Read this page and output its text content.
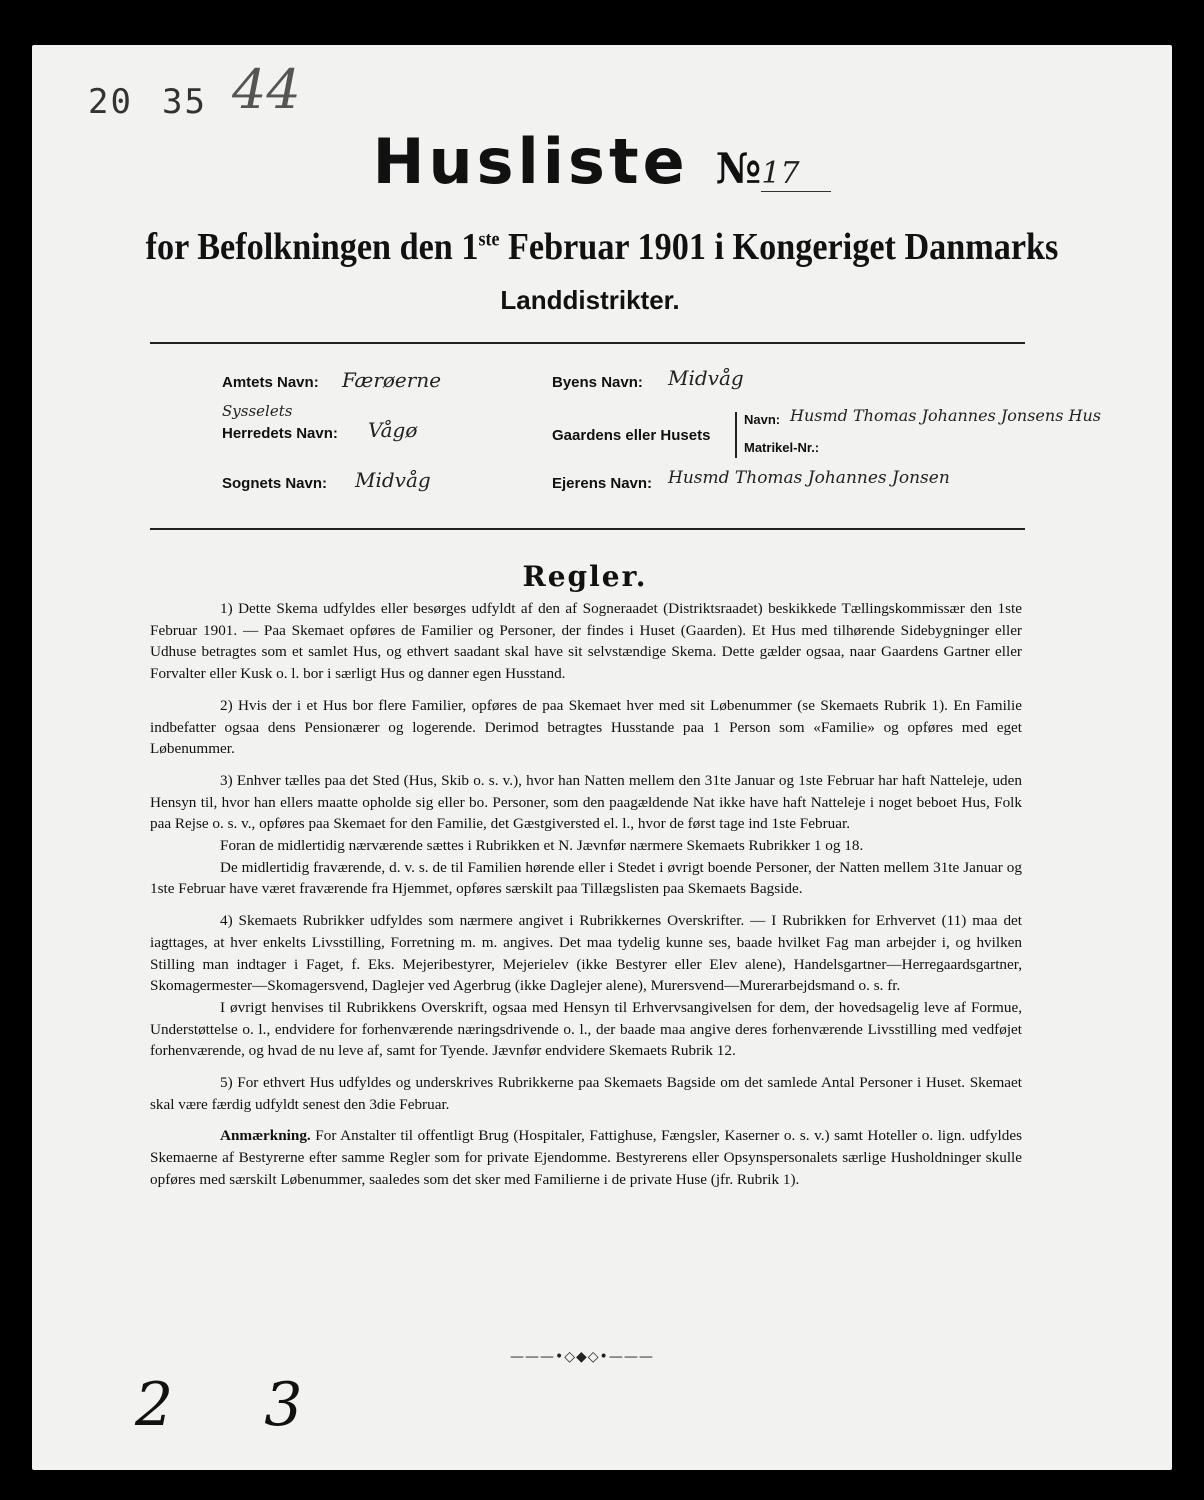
20 35 44
Husliste №17
for Befolkningen den 1ste Februar 1901 i Kongeriget Danmarks
Landdistrikter.
Amtets Navn: Færøerne
Sysselets
Herredets Navn: Vågø
Sognets Navn: Midvåg
Byens Navn: Midvåg
Gaardens eller Husets
Navn: Husmd Thomas Johannes Jonsens Hus
Matrikel-Nr.:
Ejerens Navn: Husmd Thomas Johannes Jonsen
Regler.

1) Dette Skema udfyldes eller besørges udfyldt af den af Sogneraadet (Distriktsraadet) beskikkede Tællingskommissær den 1ste Februar 1901. — Paa Skemaet opføres de Familier og Personer, der findes i Huset (Gaarden). Et Hus med tilhørende Sidebygninger eller Udhuse betragtes som et samlet Hus, og ethvert saadant skal have sit selvstændige Skema. Dette gælder ogsaa, naar Gaardens Gartner eller Forvalter eller Kusk o. l. bor i særligt Hus og danner egen Husstand.

2) Hvis der i et Hus bor flere Familier, opføres de paa Skemaet hver med sit Løbenummer (se Skemaets Rubrik 1). En Familie indbefatter ogsaa dens Pensionærer og logerende. Derimod betragtes Husstande paa 1 Person som «Familie» og opføres med eget Løbenummer.

3) Enhver tælles paa det Sted (Hus, Skib o. s. v.), hvor han Natten mellem den 31te Januar og 1ste Februar har haft Natteleje, uden Hensyn til, hvor han ellers maatte opholde sig eller bo. Personer, som den paagældende Nat ikke have haft Natteleje i noget beboet Hus, Folk paa Rejse o. s. v., opføres paa Skemaet for den Familie, det Gæstgiversted el. l., hvor de først tage ind 1ste Februar.

Foran de midlertidig nærværende sættes i Rubrikken et N. Jævnfør nærmere Skemaets Rubrikker 1 og 18.

De midlertidig fraværende, d. v. s. de til Familien hørende eller i Stedet i øvrigt boende Personer, der Natten mellem 31te Januar og 1ste Februar have været fraværende fra Hjemmet, opføres særskilt paa Tillægslisten paa Skemaets Bagside.

4) Skemaets Rubrikker udfyldes som nærmere angivet i Rubrikkernes Overskrifter. — I Rubrikken for Erhvervet (11) maa det iagttages, at hver enkelts Livsstilling, Forretning m. m. angives. Det maa tydelig kunne ses, baade hvilket Fag man arbejder i, og hvilken Stilling man indtager i Faget, f. Eks. Mejeribestyrer, Mejerielev (ikke Bestyrer eller Elev alene), Handelsgartner—Herregaardsgartner, Skomagermester—Skomagersvend, Daglejer ved Agerbrug (ikke Daglejer alene), Murersvend—Murerarbejdsmand o. s. fr.

I øvrigt henvises til Rubrikkens Overskrift, ogsaa med Hensyn til Erhvervsangivelsen for dem, der hovedsagelig leve af Formue, Understøttelse o. l., endvidere for forhenværende næringsdrivende o. l., der baade maa angive deres forhenværende Livsstilling med vedføjet forhenværende, og hvad de nu leve af, samt for Tyende. Jævnfør endvidere Skemaets Rubrik 12.

5) For ethvert Hus udfyldes og underskrives Rubrikkerne paa Skemaets Bagside om det samlede Antal Personer i Huset. Skemaet skal være færdig udfyldt senest den 3die Februar.

Anmærkning. For Anstalter til offentligt Brug (Hospitaler, Fattighuse, Fængsler, Kaserner o. s. v.) samt Hoteller o. lign. udfyldes Skemaerne af Bestyrerne efter samme Regler som for private Ejendomme. Bestyrerens eller Opsynspersonalets særlige Husholdninger skulle opføres med særskilt Løbenummer, saaledes som det sker med Familierne i de private Huse (jfr. Rubrik 1).

———•◇◆◇•———
2 3
